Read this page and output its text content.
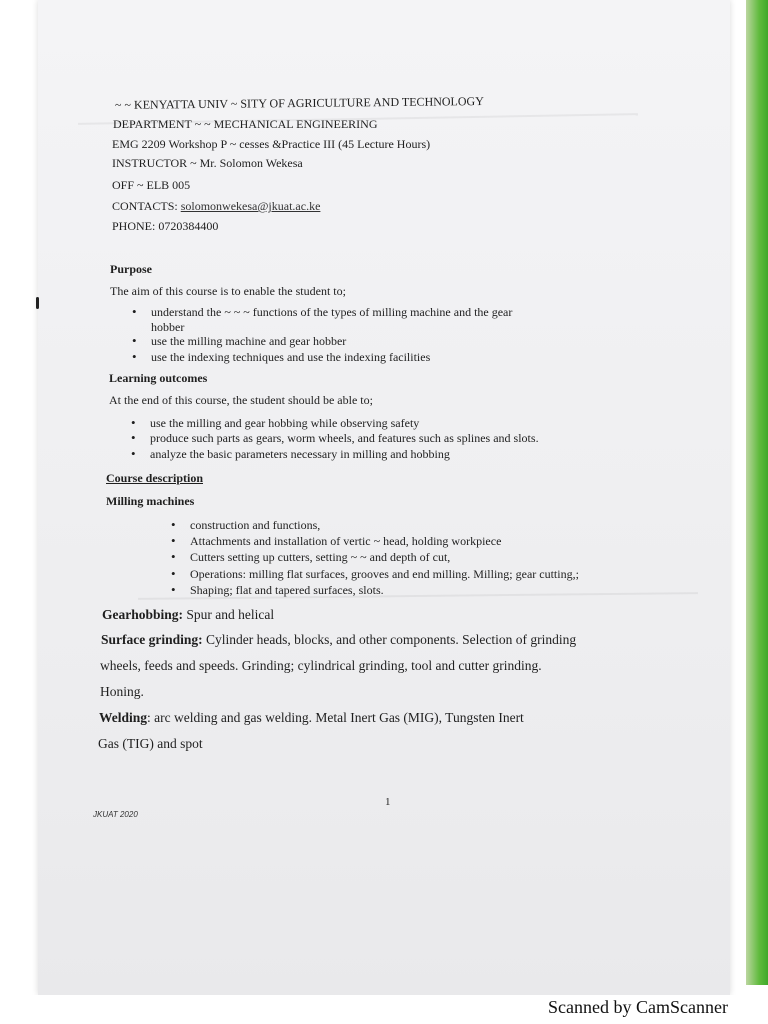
~ ~ KENYATTA UNIV ~ SITY OF AGRICULTURE AND TECHNOLOGY
DEPARTMENT ~ ~ MECHANICAL ENGINEERING
EMG 2209 Workshop P ~ cesses &Practice III (45 Lecture Hours)
INSTRUCTOR ~ Mr. Solomon Wekesa
OFF ~ ELB 005
CONTACTS: solomonwekesa@jkuat.ac.ke
PHONE: 0720384400
Purpose
The aim of this course is to enable the student to;
• understand the ~ ~ ~ functions of the types of milling machine and the gear
hobber
• use the milling machine and gear hobber
• use the indexing techniques and use the indexing facilities
Learning outcomes
At the end of this course, the student should be able to;
• use the milling and gear hobbing while observing safety
• produce such parts as gears, worm wheels, and features such as splines and slots.
• analyze the basic parameters necessary in milling and hobbing
Course description
Milling machines
• construction and functions,
• Attachments and installation of vertic ~ head, holding workpiece
• Cutters setting up cutters, setting ~ ~ and depth of cut,
• Operations: milling flat surfaces, grooves and end milling. Milling; gear cutting,;
• Shaping; flat and tapered surfaces, slots.
Gearhobbing: Spur and helical
Surface grinding: Cylinder heads, blocks, and other components. Selection of grinding
wheels, feeds and speeds. Grinding; cylindrical grinding, tool and cutter grinding.
Honing.
Welding: arc welding and gas welding. Metal Inert Gas (MIG), Tungsten Inert
Gas (TIG) and spot
1
JKUAT 2020
Scanned by CamScanner
